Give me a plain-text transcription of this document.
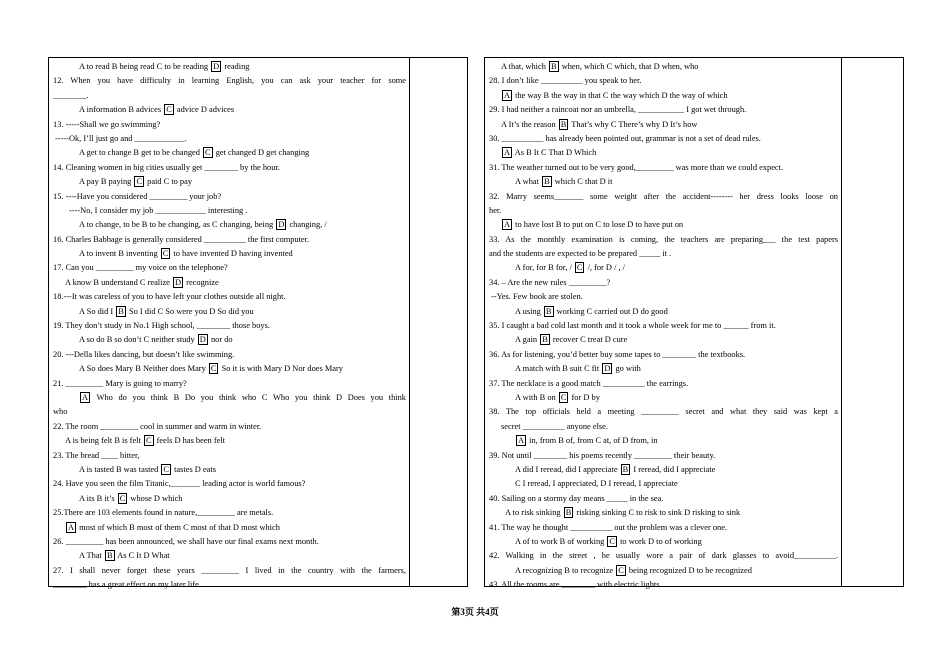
A to read B being read C to be reading D reading
12. When you have difficulty in learning English, you can ask your teacher for some
________.
A information B advices C advice D advices
13. -----Shall we go swimming?
-----Ok, I’ll just go and ____________.
A get to change B get to be changed C get changed D get changing
14. Cleaning women in big cities usually get ________ by the hour.
A pay B paying C paid C to pay
15. ----Have you considered _________ your job?
----No, I consider my job ____________ interesting .
A to change, to be B to be changing, as C changing, being D changing, /
16. Charles Babbage is generally considered __________ the first computer.
A to invent B inventing C to have invented D having invented
17. Can you _________ my voice on the telephone?
A know B understand C realize D recognize
18.---It was careless of you to have left your clothes outside all night.
A So did I B So I did C So were you D So did you
19. They don’t study in No.1 High school, ________ those boys.
A so do B so don’t C neither study D nor do
20. ---Della likes dancing, but doesn’t like swimming.
A So does Mary B Neither does Mary C So it is with Mary D Nor does Mary
21. _________ Mary is going to marry?
A Who do you think B Do you think who C Who you think D Does you think
who
22. The room _________ cool in summer and warm in winter.
A is being felt B is felt C feels D has been felt
23. The bread ____ bitter,
A is tasted B was tasted C tastes D eats
24. Have you seen the film Titanic,_______ leading actor is world famous?
A its B it’s C whose D which
25.There are 103 elements found in nature,_________ are metals.
A most of which B most of them C most of that D most which
26. _________ has been announced, we shall have our final exams next month.
A That B As C It D What
27. I shall never forget these years _________ I lived in the country with the farmers,
________ has a great effect on my later life.
A that, which B when, which C which, that D when, who
28. I don’t like __________ you speak to her.
A the way B the way in that C the way which D the way of which
29. I had neither a raincoat nor an umbrella, ___________ I got wet through.
A It’s the reason B That’s why C There’s why D It’s how
30. __________ has already been pointed out, grammar is not a set of dead rules.
A As B It C That D Which
31. The weather turned out to be very good,_________ was more than we could expect.
A what B which C that D it
32. Marry seems_______ some weight after the accident-------- her dress looks loose on
her.
A to have lost B to put on C to lose D to have put on
33. As the monthly examination is coming, the teachers are preparing___ the test papers
and the students are expected to be prepared _____ it .
A for, for B for, / C /, for D / , /
34. – Are the new rules _________?
--Yes. Few book are stolen.
A using B working C carried out D do good
35. I caught a bad cold last month and it took a whole week for me to ______ from it.
A gain B recover C treat D cure
36. As for listening, you’d better buy some tapes to ________ the textbooks.
A match with B suit C fit D go with
37. The necklace is a good match __________ the earrings.
A with B on C for D by
38. The top officials held a meeting _________ secret and what they said was kept a
secret __________ anyone else.
A in, from B of, from C at, of D from, in
39. Not until ________ his poems recently _________ their beauty.
A did I reread, did I appreciate B I reread, did I appreciate
C I reread, I appreciated, D I reread, I appreciate
40. Sailing on a stormy day means _____ in the sea.
A to risk sinking B risking sinking C to risk to sink D risking to sink
41. The way he thought __________ out the problem was a clever one.
A of to work B of working C to work D to of working
42. Walking in the street , he usually wore a pair of dark glasses to avoid__________.
A recognizing B to recognize C being recognized D to be recognized
43. All the rooms are ________ with electric lights.
第3页 共4页
